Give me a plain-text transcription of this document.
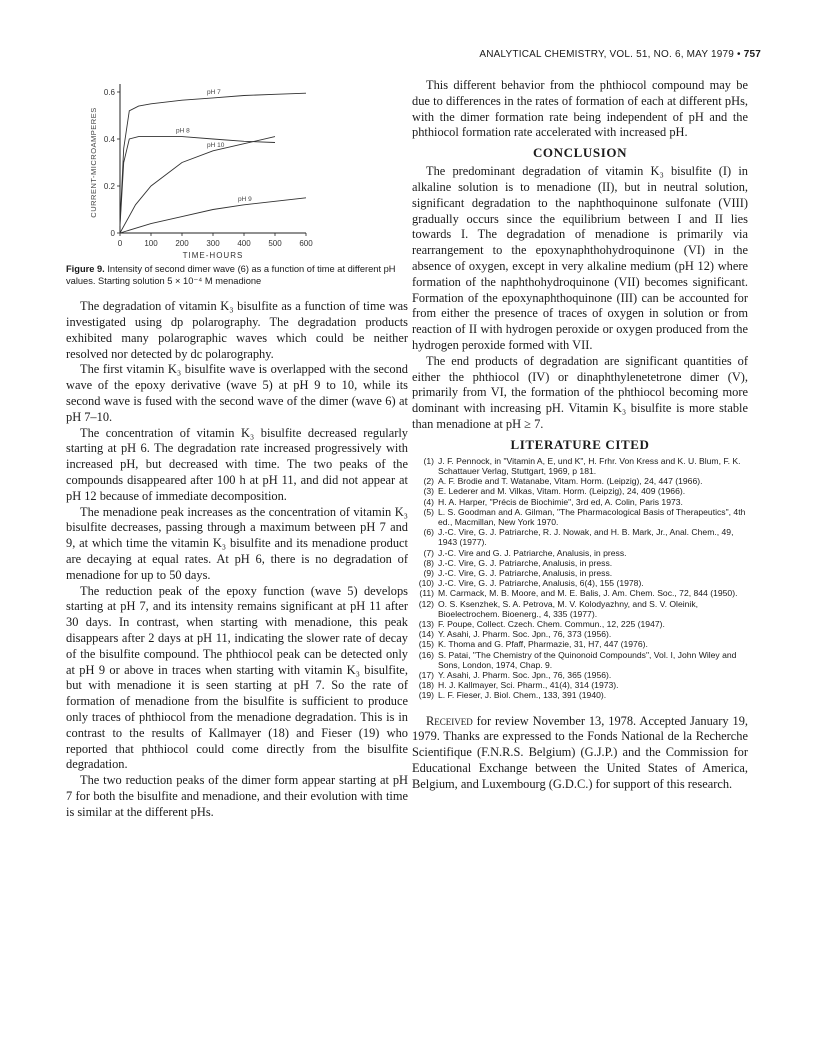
ANALYTICAL CHEMISTRY, VOL. 51, NO. 6, MAY 1979 • 757
0	100 200 300 400 500 600
0
0.2
0.4
0.6
TIME-HOURS
CURRENT-MICROAMPERES
pH 7
pH 8
pH 10
pH 9

Figure 9. Intensity of second dimer wave (6) as a function of time at different pH values. Starting solution 5 × 10⁻⁴ M menadione

The degradation of vitamin K₃ bisulfite as a function of time was investigated using dp polarography. The degradation products exhibited many polarographic waves which could be neither resolved nor detected by dc polarography.

The first vitamin K₃ bisulfite wave is overlapped with the second wave of the epoxy derivative (wave 5) at pH 9 to 10, while its second wave is fused with the second wave of the dimer (wave 6) at pH 7–10.

The concentration of vitamin K₃ bisulfite decreased regularly starting at pH 6. The degradation rate increased progressively with increased pH, but decreased with time. The two peaks of the compounds disappeared after 100 h at pH 11, and did not appear at pH 12 because of immediate decomposition.

The menadione peak increases as the concentration of vitamin K₃ bisulfite decreases, passing through a maximum between pH 7 and 9, at which time the vitamin K₃ bisulfite and its menadione product are decaying at equal rates. At pH 6, there is no degradation of menadione for up to 50 days.

The reduction peak of the epoxy function (wave 5) develops starting at pH 7, and its intensity remains significant at pH 11 after 30 days. In contrast, when starting with menadione, this peak disappears after 2 days at pH 11, indicating the slower rate of decay of the bisulfite compound. The phthiocol peak can be detected only at pH 9 or above in traces when starting with vitamin K₃ bisulfite, but with menadione it is seen starting at pH 7. So the rate of formation of menadione from the bisulfite is sufficient to produce only traces of phthiocol from the menadione degradation. This is in contrast to the results of Kallmayer (18) and Fieser (19) who reported that phthiocol could come directly from the bisulfite degradation.

The two reduction peaks of the dimer form appear starting at pH 7 for both the bisulfite and menadione, and their evolution with time is similar at the different pHs.

This different behavior from the phthiocol compound may be due to differences in the rates of formation of each at different pHs, with the dimer formation rate being independent of pH and the phthiocol formation rate accelerated with increased pH.

CONCLUSION

The predominant degradation of vitamin K₃ bisulfite (I) in alkaline solution is to menadione (II), but in neutral solution, significant degradation to the naphthoquinone sulfonate (VIII) gradually occurs since the equilibrium between I and II lies towards I. The degradation of menadione is primarily via rearrangement to the epoxynaphthohydroquinone (VI) in the absence of oxygen, except in very alkaline medium (pH 12) where formation of the naphthohydroquinone (VII) becomes significant. Formation of the epoxynaphthoquinone (III) can be accounted for from either the presence of traces of oxygen in solution or from reaction of II with hydrogen peroxide or oxygen produced from the hydrogen peroxide formed with VII.

The end products of degradation are significant quantities of either the phthiocol (IV) or dinaphthylenetetrone dimer (V), primarily from VI, the formation of the phthiocol becoming more dominant with increasing pH. Vitamin K₃ bisulfite is more stable than menadione at pH ≥ 7.

LITERATURE CITED
(1) J. F. Pennock, in "Vitamin A, E, und K", H. Frhr. Von Kress and K. U. Blum, F. K. Schattauer Verlag, Stuttgart, 1969, p 181.
(2) A. F. Brodie and T. Watanabe, Vitam. Horm. (Leipzig), 24, 447 (1966).
(3) E. Lederer and M. Vilkas, Vitam. Horm. (Leipzig), 24, 409 (1966).
(4) H. A. Harper, "Précis de Biochimie", 3rd ed, A. Colin, Paris 1973.
(5) L. S. Goodman and A. Gilman, "The Pharmacological Basis of Therapeutics", 4th ed., Macmillan, New York 1970.
(6) J.-C. Vire, G. J. Patriarche, R. J. Nowak, and H. B. Mark, Jr., Anal. Chem., 49, 1943 (1977).
(7) J.-C. Vire and G. J. Patriarche, Analusis, in press.
(8) J.-C. Vire, G. J. Patriarche, Analusis, in press.
(9) J.-C. Vire, G. J. Patriarche, Analusis, in press.
(10) J.-C. Vire, G. J. Patriarche, Analusis, 6(4), 155 (1978).
(11) M. Carmack, M. B. Moore, and M. E. Balis, J. Am. Chem. Soc., 72, 844 (1950).
(12) O. S. Ksenzhek, S. A. Petrova, M. V. Kolodyazhny, and S. V. Oleinik, Bioelectrochem. Bioenerg., 4, 335 (1977).
(13) F. Poupe, Collect. Czech. Chem. Commun., 12, 225 (1947).
(14) Y. Asahi, J. Pharm. Soc. Jpn., 76, 373 (1956).
(15) K. Thoma and G. Pfaff, Pharmazie, 31, H7, 447 (1976).
(16) S. Patai, "The Chemistry of the Quinonoid Compounds", Vol. I, John Wiley and Sons, London, 1974, Chap. 9.
(17) Y. Asahi, J. Pharm. Soc. Jpn., 76, 365 (1956).
(18) H. J. Kallmayer, Sci. Pharm., 41(4), 314 (1973).
(19) L. F. Fieser, J. Biol. Chem., 133, 391 (1940).

Received for review November 13, 1978. Accepted January 19, 1979. Thanks are expressed to the Fonds National de la Recherche Scientifique (F.N.R.S. Belgium) (G.J.P.) and the Commission for Educational Exchange between the United States of America, Belgium, and Luxembourg (G.D.C.) for support of this research.
